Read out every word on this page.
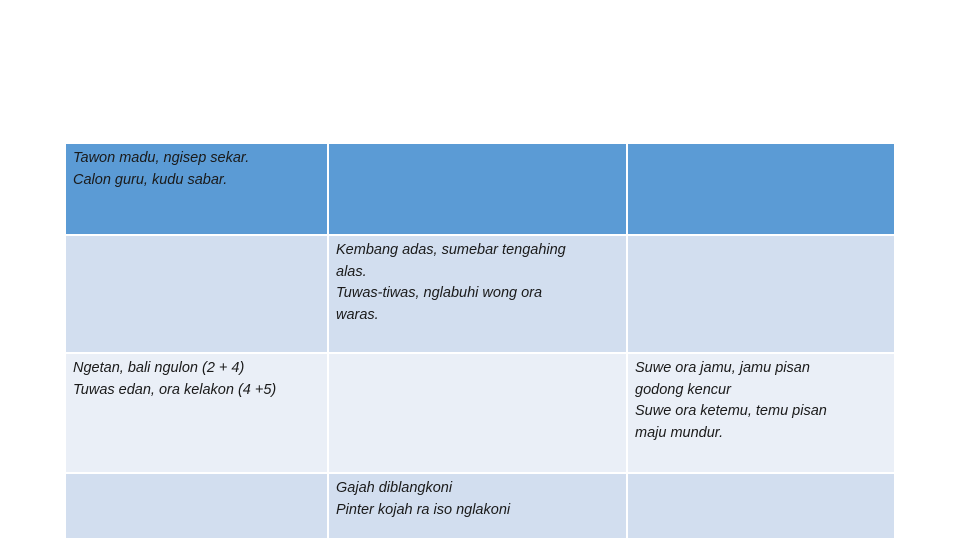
Tawon madu, ngisep sekar.
Calon guru, kudu sabar.
Kembang adas, sumebar tengahing
alas.
Tuwas-tiwas, nglabuhi wong ora
waras.
Ngetan, bali ngulon (2 + 4)
Tuwas edan, ora kelakon (4 +5)
Suwe ora jamu, jamu pisan
godong kencur
Suwe ora ketemu, temu pisan
maju mundur.
Gajah diblangkoni
Pinter kojah ra iso nglakoni
